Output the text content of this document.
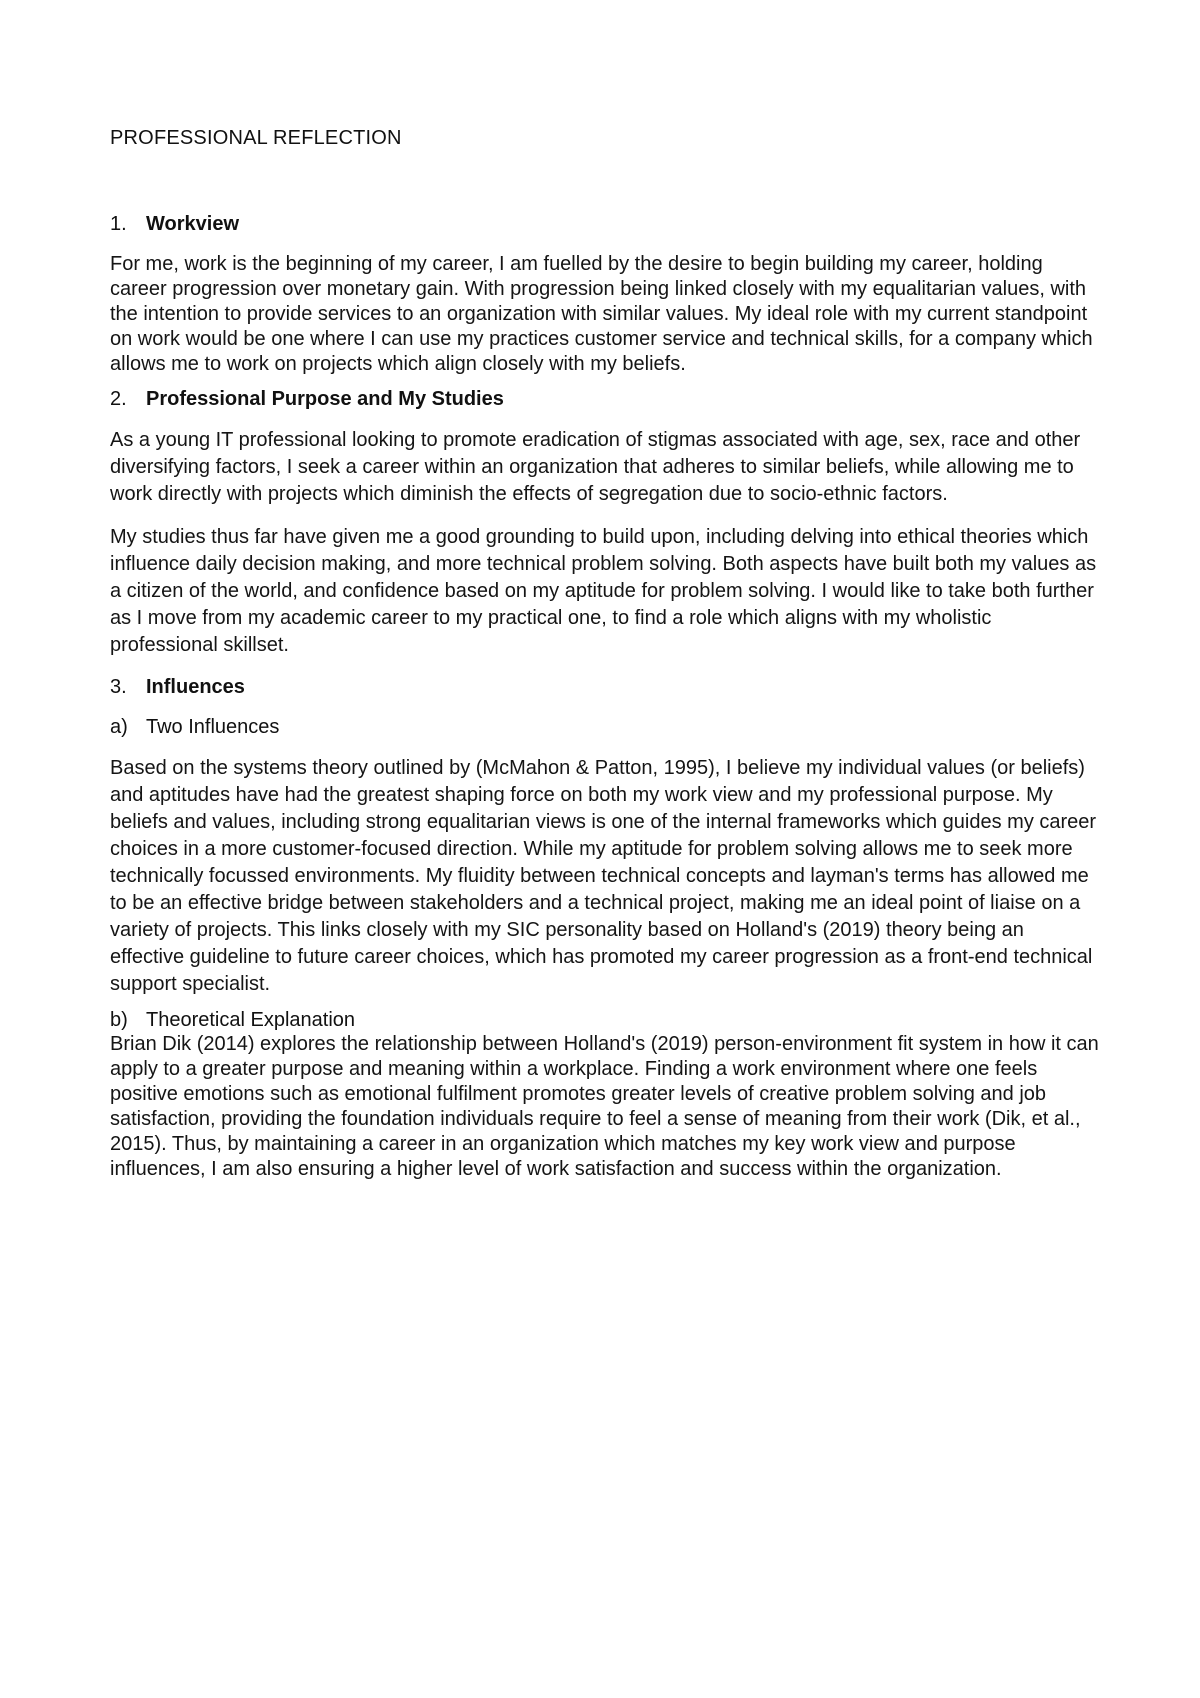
PROFESSIONAL REFLECTION
1. Workview

For me, work is the beginning of my career, I am fuelled by the desire to begin building my career, holding career progression over monetary gain. With progression being linked closely with my equalitarian values, with the intention to provide services to an organization with similar values. My ideal role with my current standpoint on work would be one where I can use my practices customer service and technical skills, for a company which allows me to work on projects which align closely with my beliefs.

2. Professional Purpose and My Studies

As a young IT professional looking to promote eradication of stigmas associated with age, sex, race and other diversifying factors, I seek a career within an organization that adheres to similar beliefs, while allowing me to work directly with projects which diminish the effects of segregation due to socio-ethnic factors.

My studies thus far have given me a good grounding to build upon, including delving into ethical theories which influence daily decision making, and more technical problem solving. Both aspects have built both my values as a citizen of the world, and confidence based on my aptitude for problem solving. I would like to take both further as I move from my academic career to my practical one, to find a role which aligns with my wholistic professional skillset.

3. Influences
a) Two Influences

Based on the systems theory outlined by (McMahon & Patton, 1995), I believe my individual values (or beliefs) and aptitudes have had the greatest shaping force on both my work view and my professional purpose. My beliefs and values, including strong equalitarian views is one of the internal frameworks which guides my career choices in a more customer-focused direction. While my aptitude for problem solving allows me to seek more technically focussed environments. My fluidity between technical concepts and layman's terms has allowed me to be an effective bridge between stakeholders and a technical project, making me an ideal point of liaise on a variety of projects. This links closely with my SIC personality based on Holland's (2019) theory being an effective guideline to future career choices, which has promoted my career progression as a front-end technical support specialist.

b) Theoretical Explanation

Brian Dik (2014) explores the relationship between Holland's (2019) person-environment fit system in how it can apply to a greater purpose and meaning within a workplace. Finding a work environment where one feels positive emotions such as emotional fulfilment promotes greater levels of creative problem solving and job satisfaction, providing the foundation individuals require to feel a sense of meaning from their work (Dik, et al., 2015). Thus, by maintaining a career in an organization which matches my key work view and purpose influences, I am also ensuring a higher level of work satisfaction and success within the organization.
